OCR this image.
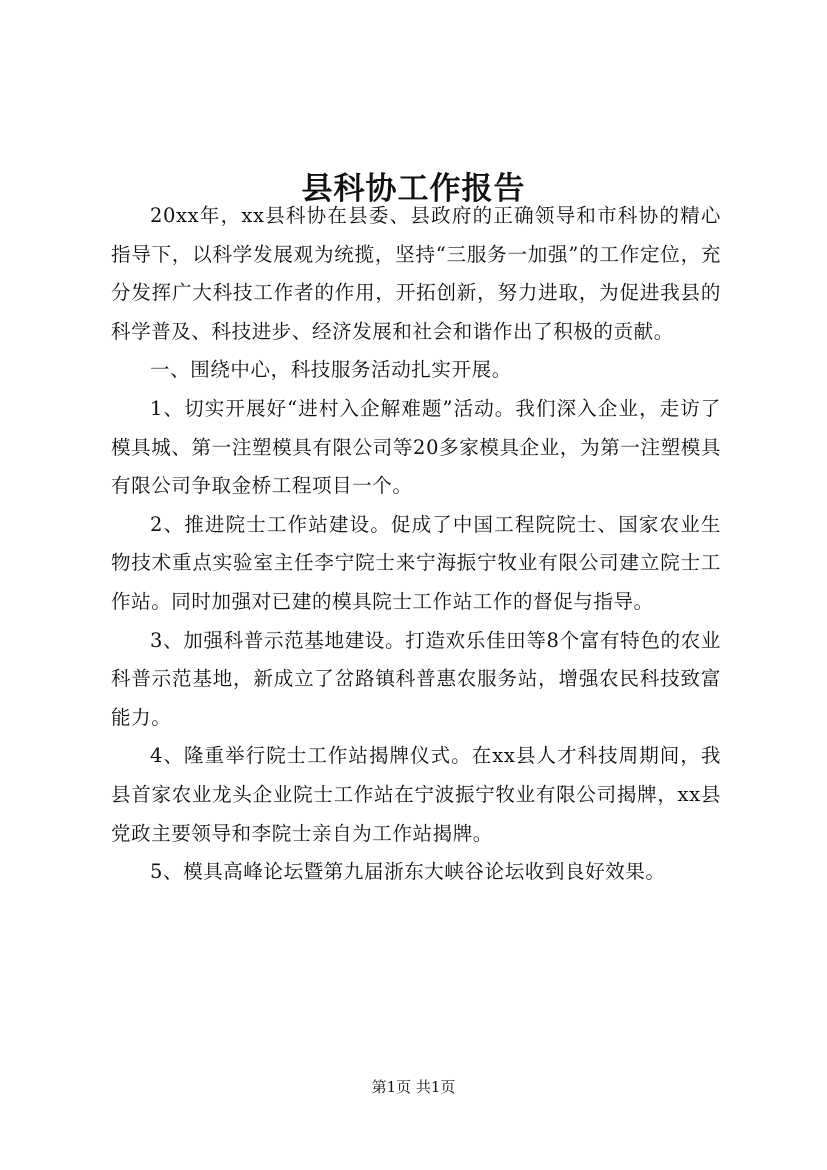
县科协工作报告

20xx年，xx县科协在县委、县政府的正确领导和市科协的精心指导下，以科学发展观为统揽，坚持“三服务一加强”的工作定位，充分发挥广大科技工作者的作用，开拓创新，努力进取，为促进我县的科学普及、科技进步、经济发展和社会和谐作出了积极的贡献。

一、围绕中心，科技服务活动扎实开展。

1、切实开展好“进村入企解难题”活动。我们深入企业，走访了模具城、第一注塑模具有限公司等20多家模具企业，为第一注塑模具有限公司争取金桥工程项目一个。

2、推进院士工作站建设。促成了中国工程院院士、国家农业生物技术重点实验室主任李宁院士来宁海振宁牧业有限公司建立院士工作站。同时加强对已建的模具院士工作站工作的督促与指导。

3、加强科普示范基地建设。打造欢乐佳田等8个富有特色的农业科普示范基地，新成立了岔路镇科普惠农服务站，增强农民科技致富能力。

4、隆重举行院士工作站揭牌仪式。在xx县人才科技周期间，我县首家农业龙头企业院士工作站在宁波振宁牧业有限公司揭牌，xx县党政主要领导和李院士亲自为工作站揭牌。

5、模具高峰论坛暨第九届浙东大峡谷论坛收到良好效果。

第1页 共1页
